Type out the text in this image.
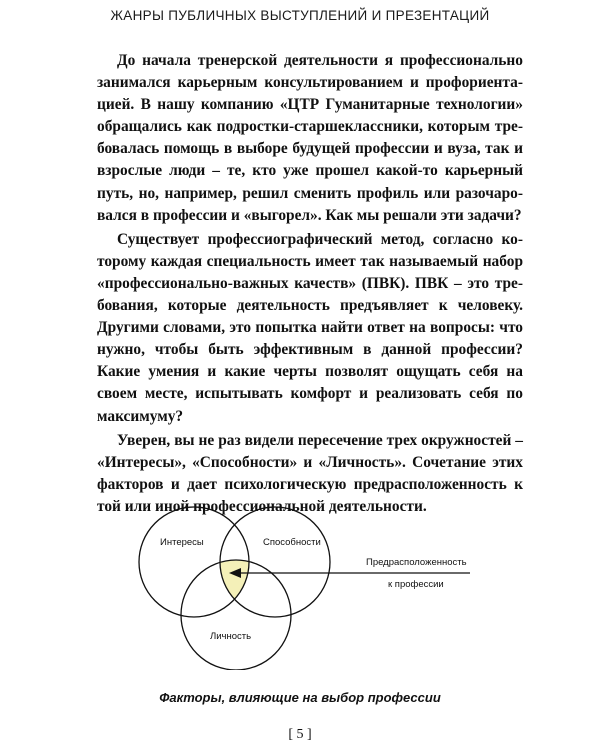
ЖАНРЫ ПУБЛИЧНЫХ ВЫСТУПЛЕНИЙ И ПРЕЗЕНТАЦИЙ

До начала тренерской деятельности я профессионально занимался карьерным консультированием и профориентацией. В нашу компанию «ЦТР Гуманитарные технологии» обращались как подростки-старшеклассники, которым требовалась помощь в выборе будущей профессии и вуза, так и взрослые люди – те, кто уже прошел какой-то карьерный путь, но, например, решил сменить профиль или разочаровался в профессии и «выгорел». Как мы решали эти задачи?

Существует профессиографический метод, согласно которому каждая специальность имеет так называемый набор «профессионально-важных качеств» (ПВК). ПВК – это требования, которые деятельность предъявляет к человеку. Другими словами, это попытка найти ответ на вопросы: что нужно, чтобы быть эффективным в данной профессии? Какие умения и какие черты позволят ощущать себя на своем месте, испытывать комфорт и реализовать себя по максимуму?

Уверен, вы не раз видели пересечение трех окружностей – «Интересы», «Способности» и «Личность». Сочетание этих факторов и дает психологическую предрасположенность к той или иной профессиональной деятельности.

Интересы	Способности
Личность
Предрасположенность
к профессии
Факторы, влияющие на выбор профессии
[ 5 ]
